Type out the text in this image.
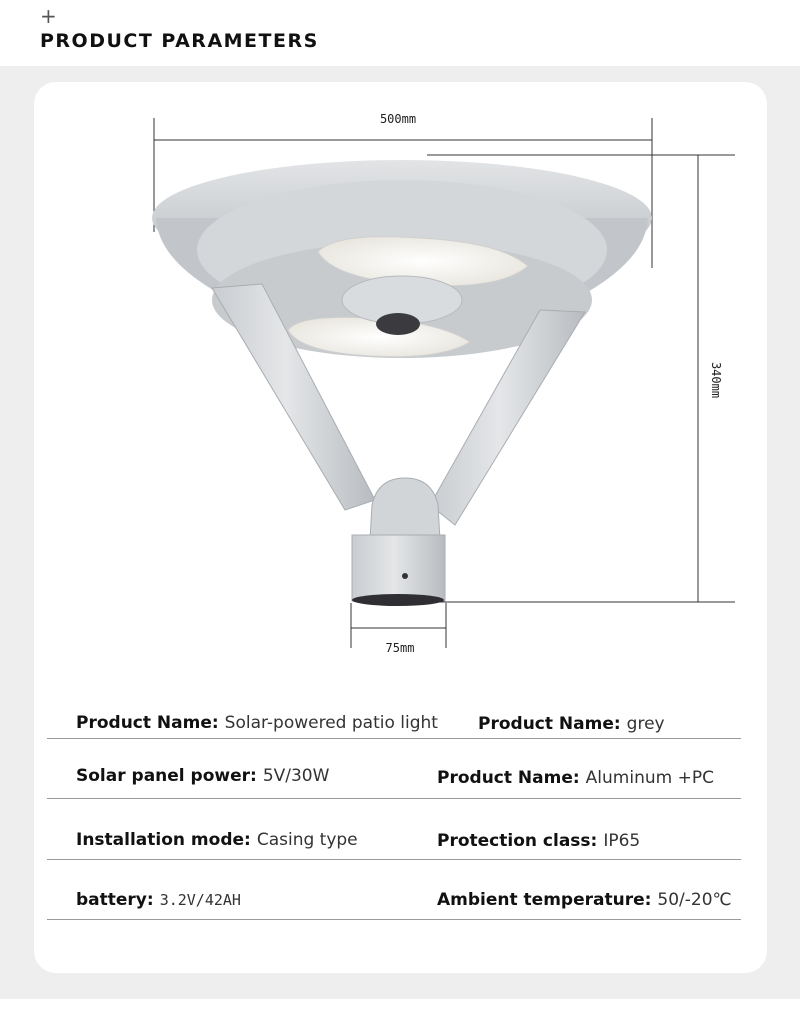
+
PRODUCT PARAMETERS
500mm
340mm
75mm
Product Name: Solar-powered patio light Product Name: grey
Solar panel power: 5V/30W	Product Name: Aluminum +PC
Installation mode: Casing type	Protection class: IP65
battery: 3.2V/42AH	Ambient temperature: 50/-20℃
